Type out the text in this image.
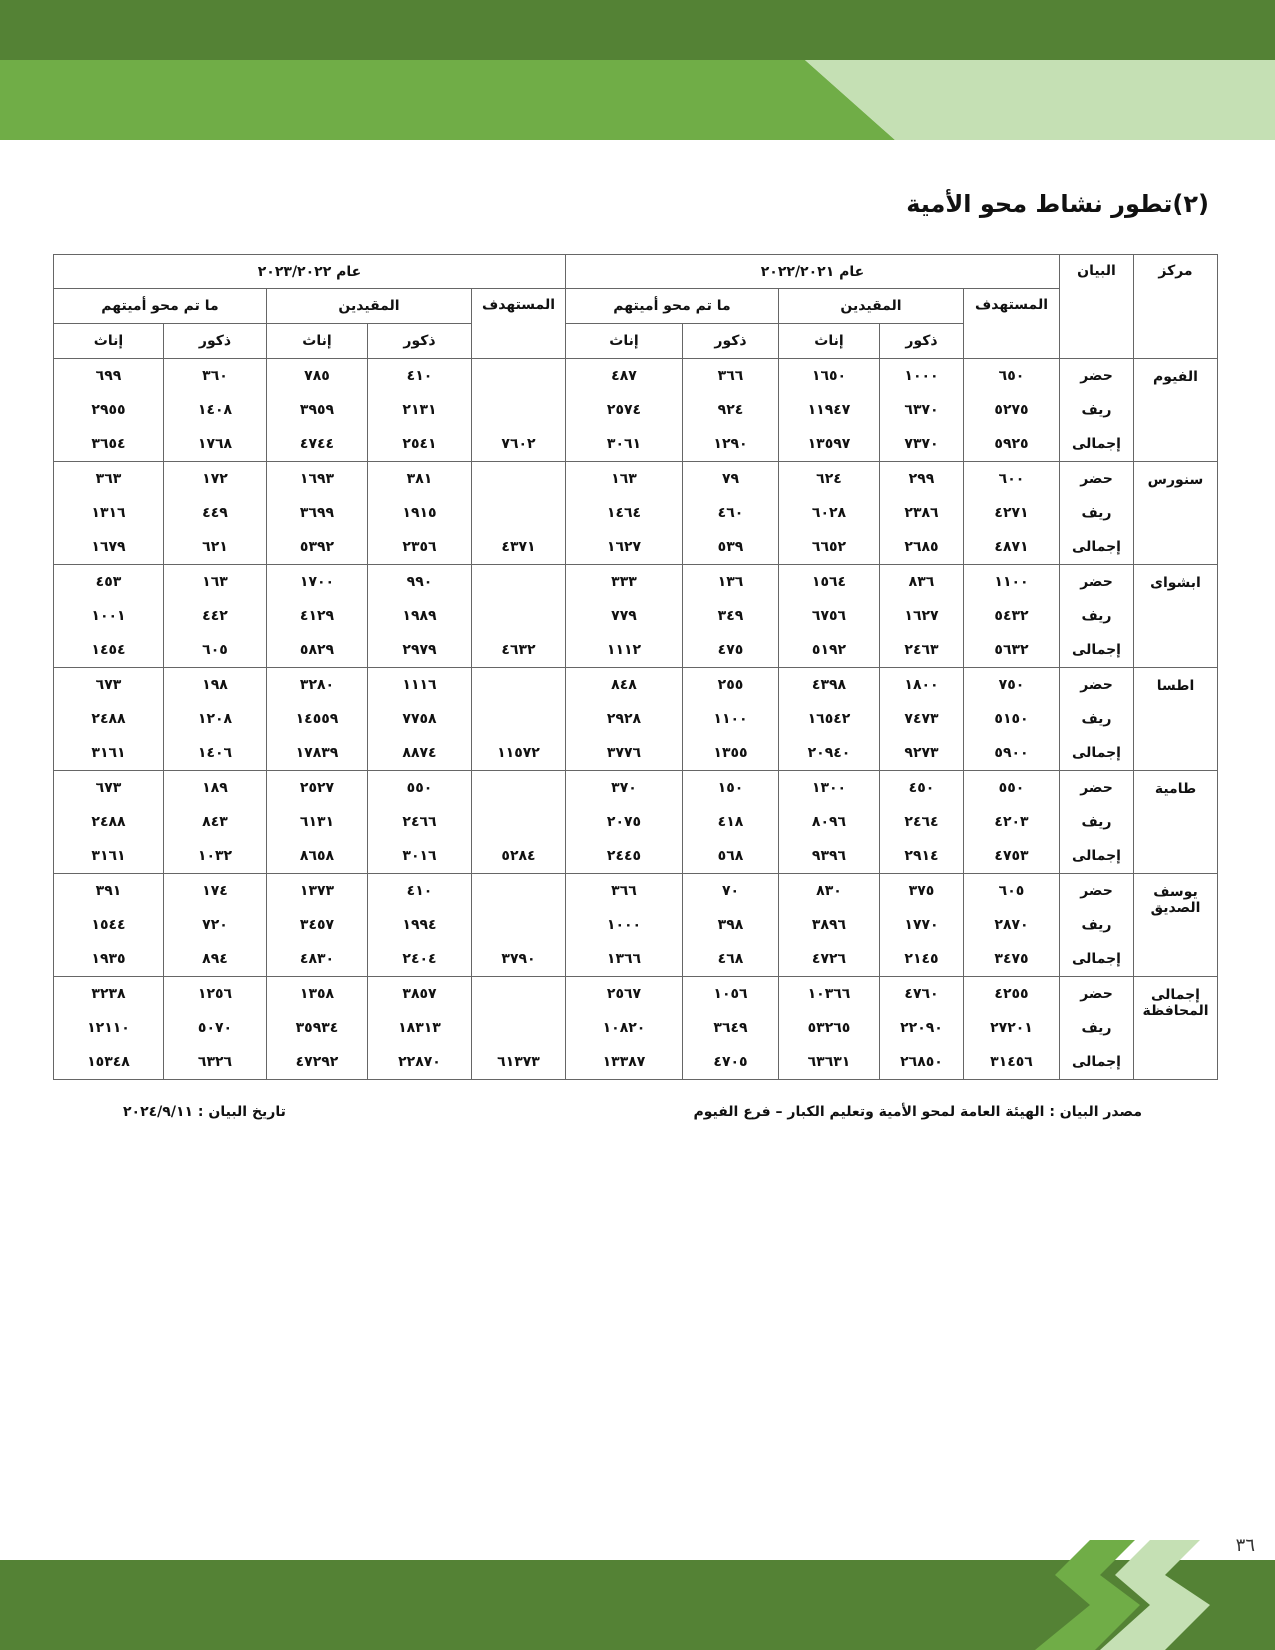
(٢)تطور نشاط محو الأمية
مركز	البيان	عام ٢٠٢٢/٢٠٢١					عام ٢٠٢٣/٢٠٢٢				
		المستهدف	المقيدين		ما تم محو أميتهم		المستهدف	المقيدين		ما تم محو أميتهم	
			ذكور	إناث	ذكور	إناث		ذكور	إناث	ذكور	إناث
الفيوم	حضر	٦٥٠	١٠٠٠	١٦٥٠	٣٦٦	٤٨٧		٤١٠	٧٨٥	٣٦٠	٦٩٩
	ريف	٥٢٧٥	٦٣٧٠	١١٩٤٧	٩٢٤	٢٥٧٤		٢١٣١	٣٩٥٩	١٤٠٨	٢٩٥٥
	إجمالى	٥٩٢٥	٧٣٧٠	١٣٥٩٧	١٢٩٠	٣٠٦١	٧٦٠٢	٢٥٤١	٤٧٤٤	١٧٦٨	٣٦٥٤
سنورس	حضر	٦٠٠	٢٩٩	٦٢٤	٧٩	١٦٣		٣٨١	١٦٩٣	١٧٢	٣٦٣
	ريف	٤٢٧١	٢٣٨٦	٦٠٢٨	٤٦٠	١٤٦٤		١٩١٥	٣٦٩٩	٤٤٩	١٣١٦
	إجمالى	٤٨٧١	٢٦٨٥	٦٦٥٢	٥٣٩	١٦٢٧	٤٣٧١	٢٣٥٦	٥٣٩٢	٦٢١	١٦٧٩
ابشواى	حضر	١١٠٠	٨٣٦	١٥٦٤	١٣٦	٣٣٣		٩٩٠	١٧٠٠	١٦٣	٤٥٣
	ريف	٥٤٣٢	١٦٢٧	٦٧٥٦	٣٤٩	٧٧٩		١٩٨٩	٤١٢٩	٤٤٢	١٠٠١
	إجمالى	٥٦٣٢	٢٤٦٣	٥١٩٢	٤٧٥	١١١٢	٤٦٣٢	٢٩٧٩	٥٨٢٩	٦٠٥	١٤٥٤
اطسا	حضر	٧٥٠	١٨٠٠	٤٣٩٨	٢٥٥	٨٤٨		١١١٦	٣٢٨٠	١٩٨	٦٧٣
	ريف	٥١٥٠	٧٤٧٣	١٦٥٤٢	١١٠٠	٢٩٢٨		٧٧٥٨	١٤٥٥٩	١٢٠٨	٢٤٨٨
	إجمالى	٥٩٠٠	٩٢٧٣	٢٠٩٤٠	١٣٥٥	٣٧٧٦	١١٥٧٢	٨٨٧٤	١٧٨٣٩	١٤٠٦	٣١٦١
طامية	حضر	٥٥٠	٤٥٠	١٣٠٠	١٥٠	٣٧٠		٥٥٠	٢٥٢٧	١٨٩	٦٧٣
	ريف	٤٢٠٣	٢٤٦٤	٨٠٩٦	٤١٨	٢٠٧٥		٢٤٦٦	٦١٣١	٨٤٣	٢٤٨٨
	إجمالى	٤٧٥٣	٢٩١٤	٩٣٩٦	٥٦٨	٢٤٤٥	٥٢٨٤	٣٠١٦	٨٦٥٨	١٠٣٢	٣١٦١
يوسف الصديق	حضر	٦٠٥	٣٧٥	٨٣٠	٧٠	٣٦٦		٤١٠	١٣٧٣	١٧٤	٣٩١
	ريف	٢٨٧٠	١٧٧٠	٣٨٩٦	٣٩٨	١٠٠٠		١٩٩٤	٣٤٥٧	٧٢٠	١٥٤٤
	إجمالى	٣٤٧٥	٢١٤٥	٤٧٢٦	٤٦٨	١٣٦٦	٣٧٩٠	٢٤٠٤	٤٨٣٠	٨٩٤	١٩٣٥
إجمالى المحافظة	حضر	٤٢٥٥	٤٧٦٠	١٠٣٦٦	١٠٥٦	٢٥٦٧		٣٨٥٧	١٣٥٨	١٢٥٦	٣٢٣٨
	ريف	٢٧٢٠١	٢٢٠٩٠	٥٣٢٦٥	٣٦٤٩	١٠٨٢٠		١٨٣١٣	٣٥٩٣٤	٥٠٧٠	١٢١١٠
	إجمالى	٣١٤٥٦	٢٦٨٥٠	٦٣٦٣١	٤٧٠٥	١٣٣٨٧	٦١٣٧٣	٢٢٨٧٠	٤٧٢٩٢	٦٣٢٦	١٥٣٤٨
مصدر البيان : الهيئة العامة لمحو الأمية وتعليم الكبار – فرع الفيوم
تاريخ البيان : ٢٠٢٤/٩/١١
٣٦
